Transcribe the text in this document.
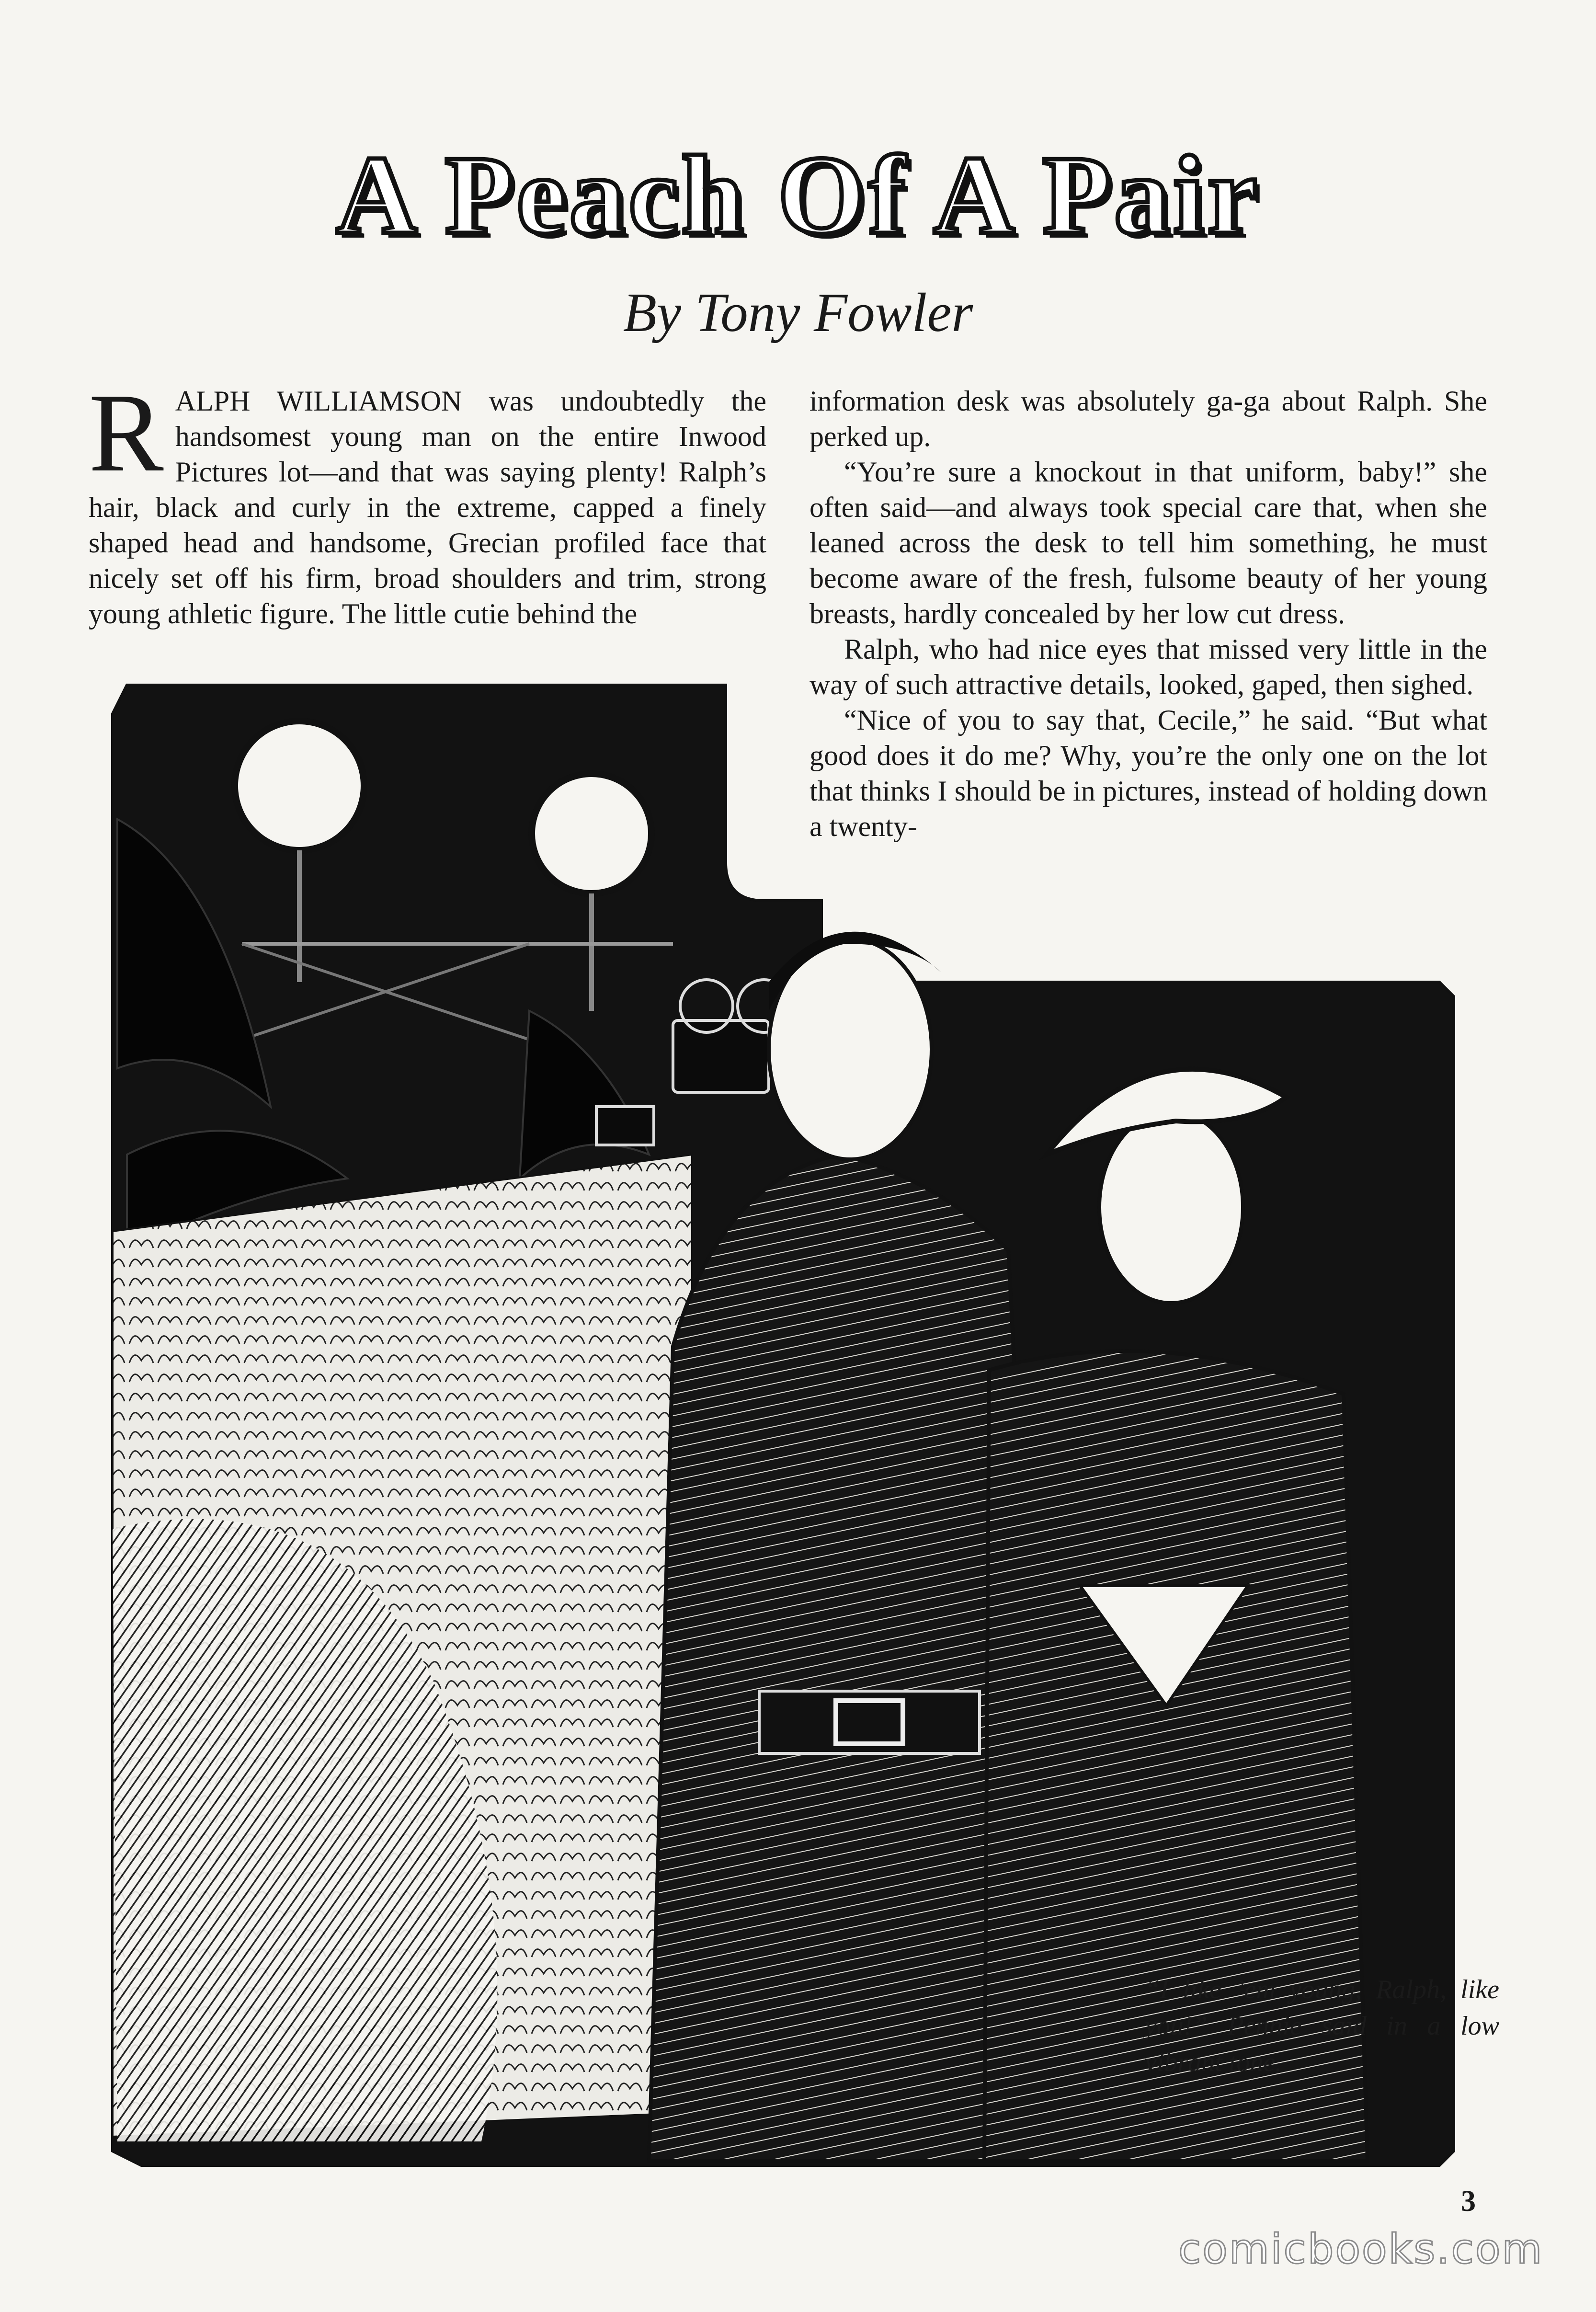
A Peach Of A Pair
By Tony Fowler

RALPH WILLIAMSON was undoubtedly the handsomest young man on the entire Inwood Pictures lot—and that was saying plenty! Ralph’s hair, black and curly in the extreme, capped a finely shaped head and handsome, Grecian profiled face that nicely set off his firm, broad shoulders and trim, strong young athletic figure. The little cutie behind the

information desk was absolutely ga-ga about Ralph. She perked up.

“You’re sure a knockout in that uniform, baby!” she often said—and always took special care that, when she leaned across the desk to tell him something, he must become aware of the fresh, fulsome beauty of her young breasts, hardly concealed by her low cut dress.

Ralph, who had nice eyes that missed very little in the way of such attractive details, looked, gaped, then sighed.

“Nice of you to say that, Cecile,” he said. “But what good does it do me? Why, you’re the only one on the lot that thinks I should be in pictures, instead of holding down a twenty-

“I like ’em young, Ralph, like you!” Pennie said in a low vibrant tone.
3
comicbooks.com
